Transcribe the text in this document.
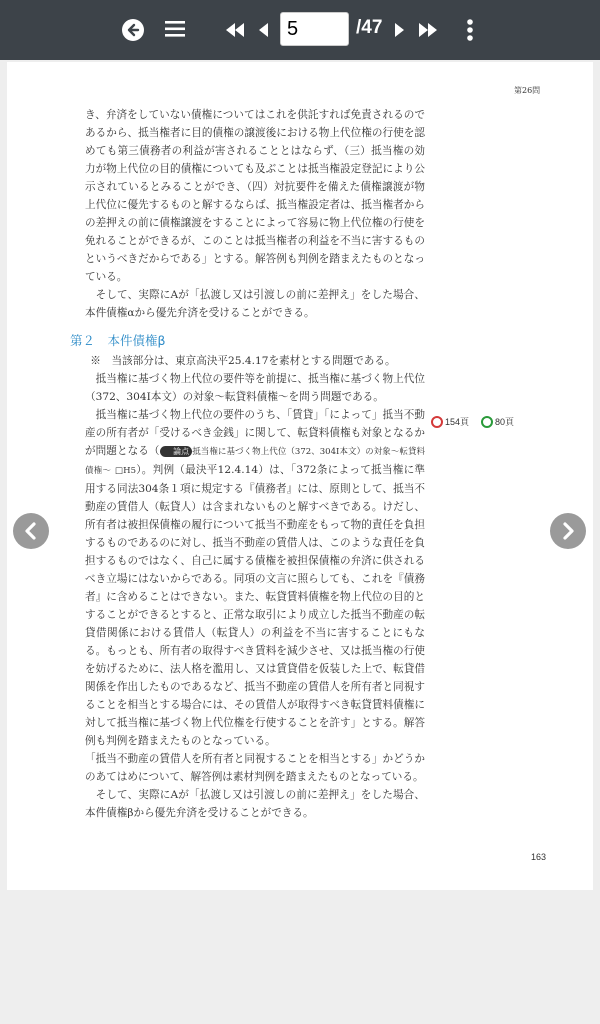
5
/47
第26問

き、弁済をしていない債権についてはこれを供託すれば免責されるのであるから、抵当権者に目的債権の譲渡後における物上代位権の行使を認めても第三債務者の利益が害されることとはならず、（三）抵当権の効力が物上代位の目的債権についても及ぶことは抵当権設定登記により公示されているとみることができ、（四）対抗要件を備えた債権譲渡が物上代位に優先するものと解するならば、抵当権設定者は、抵当権者からの差押えの前に債権譲渡をすることによって容易に物上代位権の行使を免れることができるが、このことは抵当権者の利益を不当に害するものというべきだからである」とする。解答例も判例を踏まえたものとなっている。

そして、実際にAが「払渡し又は引渡しの前に差押え」をした場合、本件債権αから優先弁済を受けることができる。

第２　本件債権β

※　当該部分は、東京高決平25.4.17を素材とする問題である。

抵当権に基づく物上代位の要件等を前提に、抵当権に基づく物上代位（372、304Ⅰ本文）の対象～転貸料債権～を問う問題である。

抵当権に基づく物上代位の要件のうち、「賃貸」「によって」抵当不動産の所有者が「受けるべき金銭」に関して、転貸料債権も対象となるかが問題となる（ 論点 抵当権に基づく物上代位（372、304Ⅰ本文）の対象～転貸料債権～ □H5）。判例（最決平12.4.14）は、「372条によって抵当権に準用する同法304条１項に規定する『債務者』には、原則として、抵当不動産の賃借人（転貸人）は含まれないものと解すべきである。けだし、所有者は被担保債権の履行について抵当不動産をもって物的責任を負担するものであるのに対し、抵当不動産の賃借人は、このような責任を負担するものではなく、自己に属する債権を被担保債権の弁済に供されるべき立場にはないからである。同項の文言に照らしても、これを『債務者』に含めることはできない。また、転貸賃料債権を物上代位の目的とすることができるとすると、正常な取引により成立した抵当不動産の転貸借関係における賃借人（転貸人）の利益を不当に害することにもなる。もっとも、所有者の取得すべき賃料を減少させ、又は抵当権の行使を妨げるために、法人格を濫用し、又は賃貸借を仮装した上で、転貸借関係を作出したものであるなど、抵当不動産の賃借人を所有者と同視することを相当とする場合には、その賃借人が取得すべき転貸賃料債権に対して抵当権に基づく物上代位権を行使することを許す」とする。解答例も判例を踏まえたものとなっている。

「抵当不動産の賃借人を所有者と同視することを相当とする」かどうかのあてはめについて、解答例は素材判例を踏まえたものとなっている。

そして、実際にAが「払渡し又は引渡しの前に差押え」をした場合、本件債権βから優先弁済を受けることができる。

154頁	80頁
163
